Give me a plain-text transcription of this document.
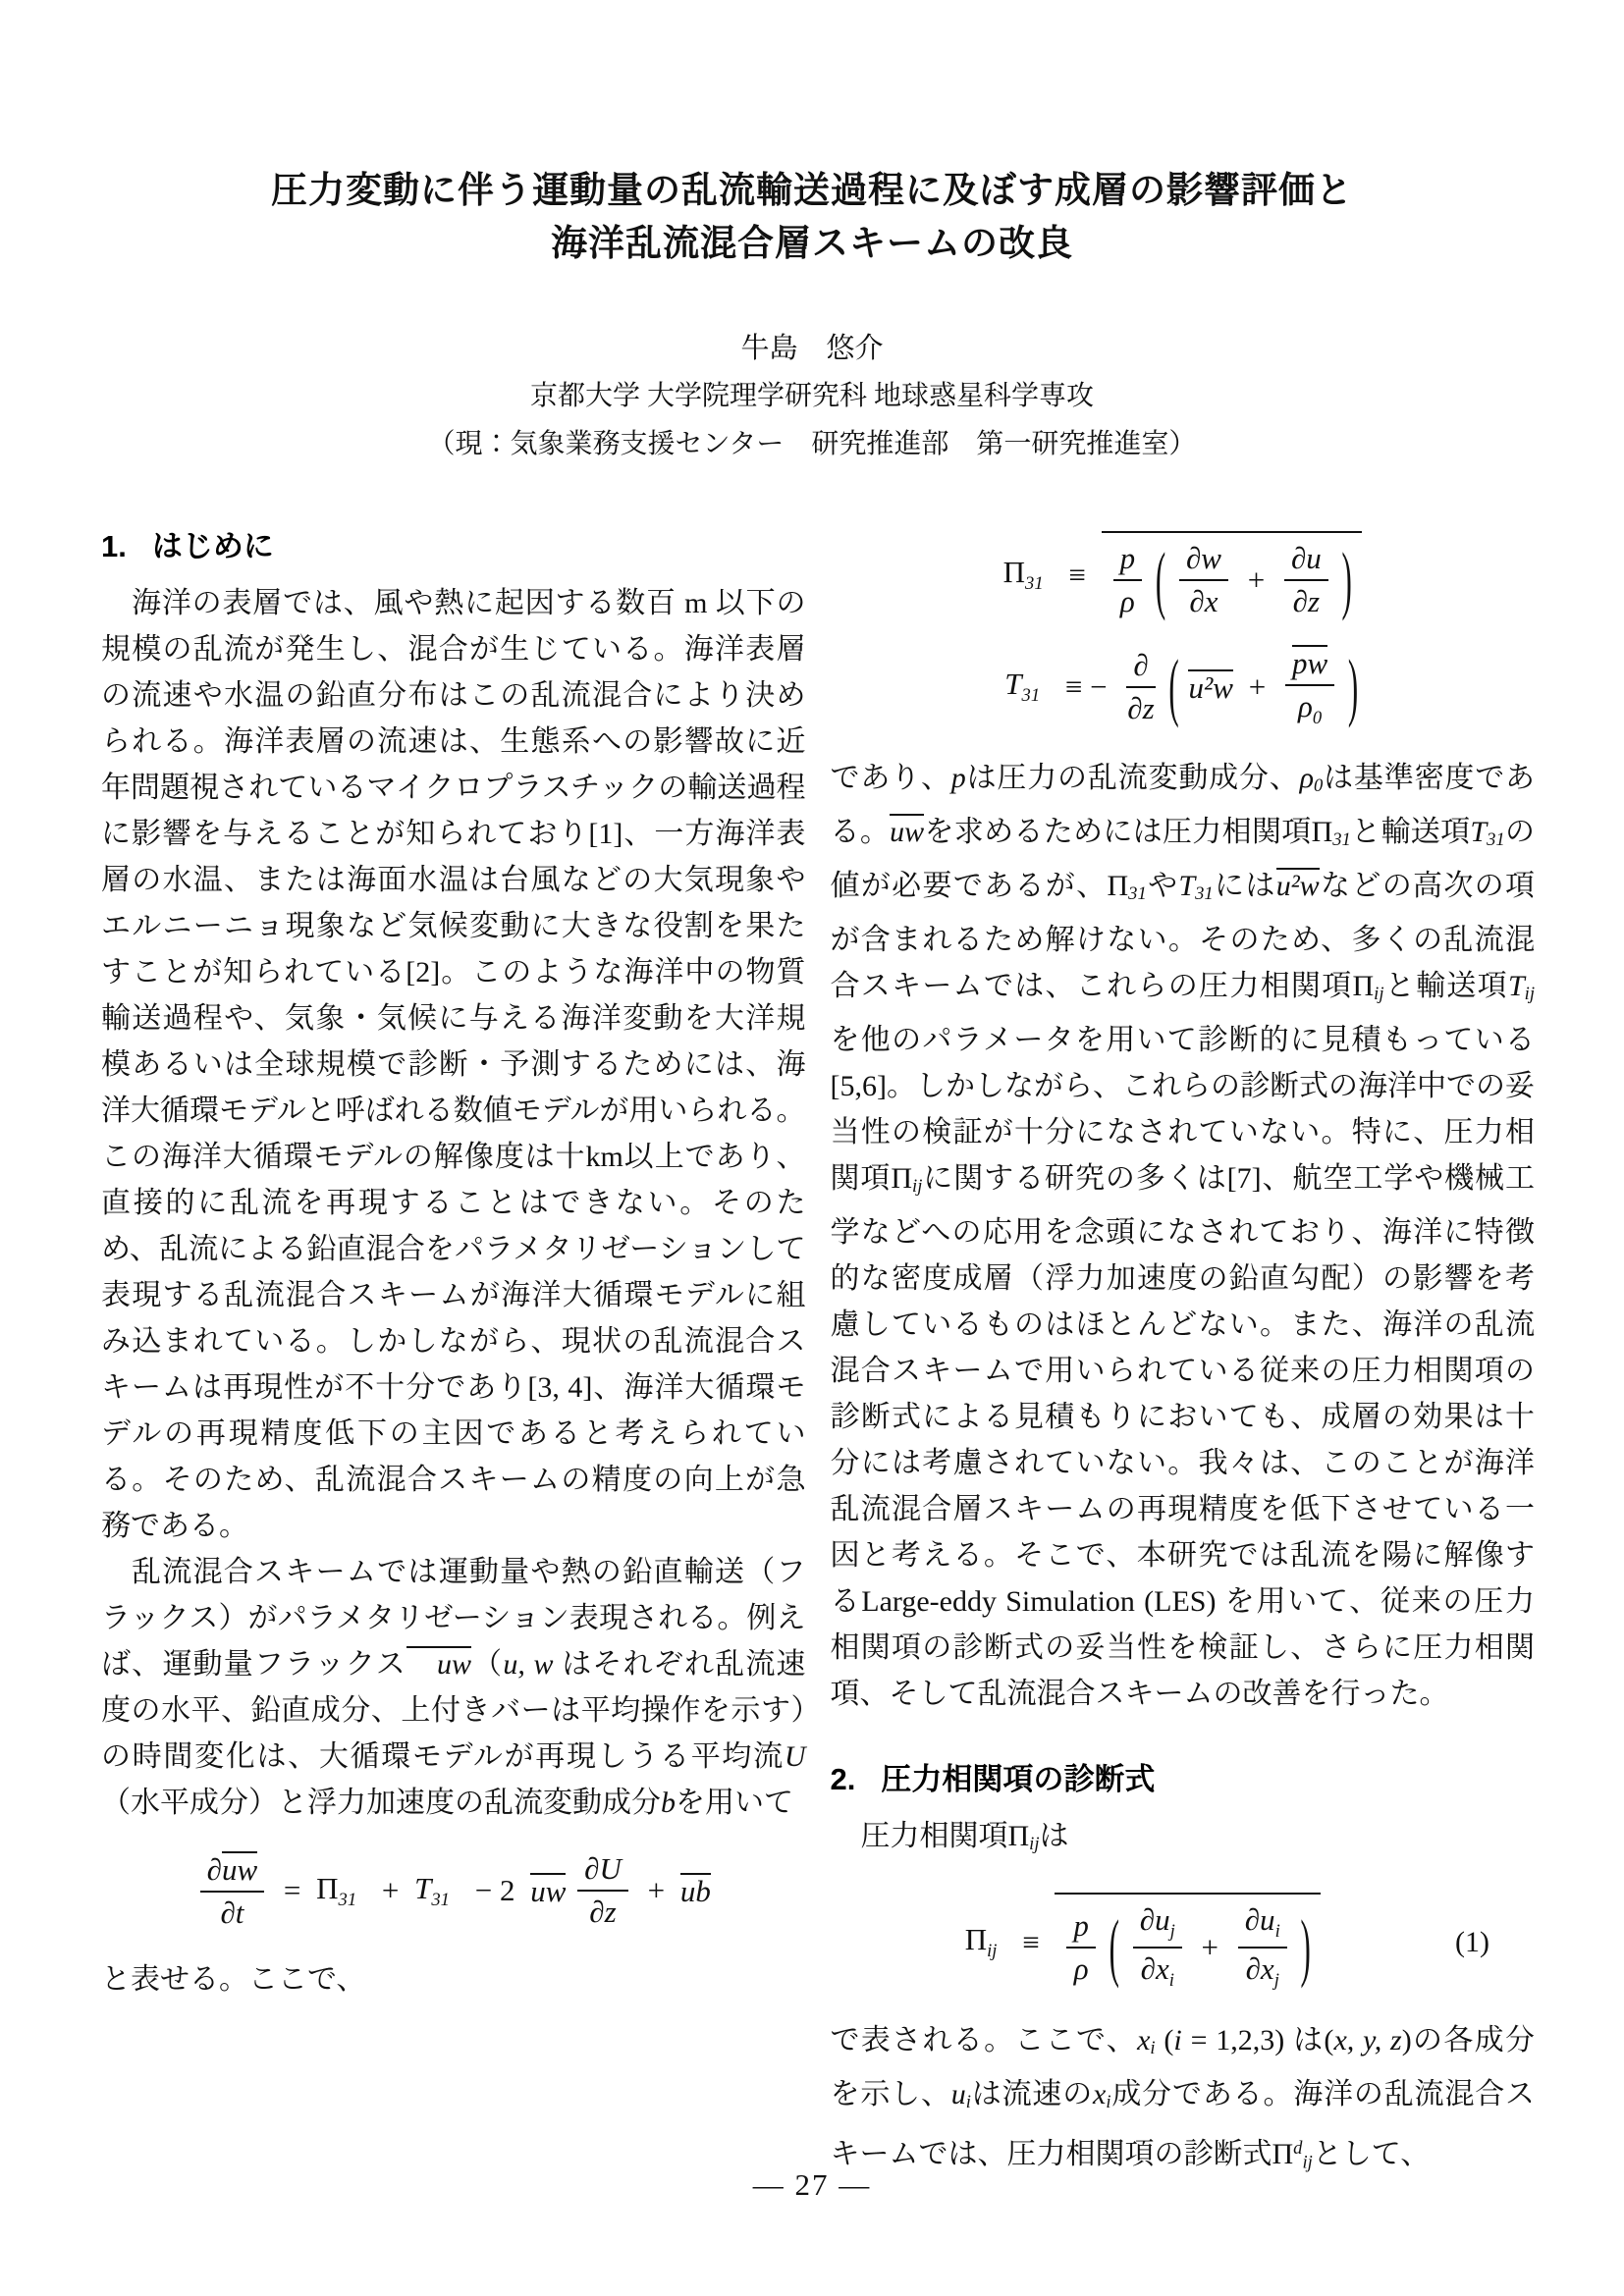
圧力変動に伴う運動量の乱流輸送過程に及ぼす成層の影響評価と
海洋乱流混合層スキームの改良
牛島　悠介
京都大学 大学院理学研究科 地球惑星科学専攻
（現：気象業務支援センター　研究推進部　第一研究推進室）
1. はじめに

海洋の表層では、風や熱に起因する数百 m 以下の規模の乱流が発生し、混合が生じている。海洋表層の流速や水温の鉛直分布はこの乱流混合により決められる。海洋表層の流速は、生態系への影響故に近年問題視されているマイクロプラスチックの輸送過程に影響を与えることが知られており[1]、一方海洋表層の水温、または海面水温は台風などの大気現象やエルニーニョ現象など気候変動に大きな役割を果たすことが知られている[2]。このような海洋中の物質輸送過程や、気象・気候に与える海洋変動を大洋規模あるいは全球規模で診断・予測するためには、海洋大循環モデルと呼ばれる数値モデルが用いられる。この海洋大循環モデルの解像度は十km以上であり、直接的に乱流を再現することはできない。そのため、乱流による鉛直混合をパラメタリゼーションして表現する乱流混合スキームが海洋大循環モデルに組み込まれている。しかしながら、現状の乱流混合スキームは再現性が不十分であり[3, 4]、海洋大循環モデルの再現精度低下の主因であると考えられている。そのため、乱流混合スキームの精度の向上が急務である。

乱流混合スキームでは運動量や熱の鉛直輸送（フラックス）がパラメタリゼーション表現される。例えば、運動量フラックス uw（u, w はそれぞれ乱流速度の水平、鉛直成分、上付きバーは平均操作を示す）の時間変化は、大循環モデルが再現しうる平均流U（水平成分）と浮力加速度の乱流変動成分bを用いて

$\frac{\partial uw}{\partial t} = \Pi_{31} + T_{31} - 2$ uw $\frac{\partial U}{\partial z}$ + ub

と表せる。ここで、

$\Pi_{31} \equiv \frac{p}{\rho}$ ( $\frac{\partial w}{\partial x} + \frac{\partial u}{\partial z}$ )
$T_{31}$ ≡ − $\frac{\partial}{\partial z}$ ( $u^2w + \frac{pw}{\rho_0}$ )

であり、pは圧力の乱流変動成分、ρ0は基準密度である。uwを求めるためには圧力相関項Π31と輸送項T31の値が必要であるが、Π31やT31にはu²wなどの高次の項が含まれるため解けない。そのため、多くの乱流混合スキームでは、これらの圧力相関項Πijと輸送項Tijを他のパラメータを用いて診断的に見積もっている[5,6]。しかしながら、これらの診断式の海洋中での妥当性の検証が十分になされていない。特に、圧力相関項Πijに関する研究の多くは[7]、航空工学や機械工学などへの応用を念頭になされており、海洋に特徴的な密度成層（浮力加速度の鉛直勾配）の影響を考慮しているものはほとんどない。また、海洋の乱流混合スキームで用いられている従来の圧力相関項の診断式による見積もりにおいても、成層の効果は十分には考慮されていない。我々は、このことが海洋乱流混合層スキームの再現精度を低下させている一因と考える。そこで、本研究では乱流を陽に解像するLarge-eddy Simulation (LES) を用いて、従来の圧力相関項の診断式の妥当性を検証し、さらに圧力相関項、そして乱流混合スキームの改善を行った。

2. 圧力相関項の診断式

圧力相関項Πijは

$\Pi_{ij} \equiv \frac{p}{\rho}$ ( $\frac{\partial u_j}{\partial x_i} + \frac{\partial u_i}{\partial x_j}$ )	(1)

で表される。ここで、xi (i = 1,2,3) は(x, y, z)の各成分を示し、uiは流速のxi成分である。海洋の乱流混合スキームでは、圧力相関項の診断式$\Pi^dij$として、

— 27 —
